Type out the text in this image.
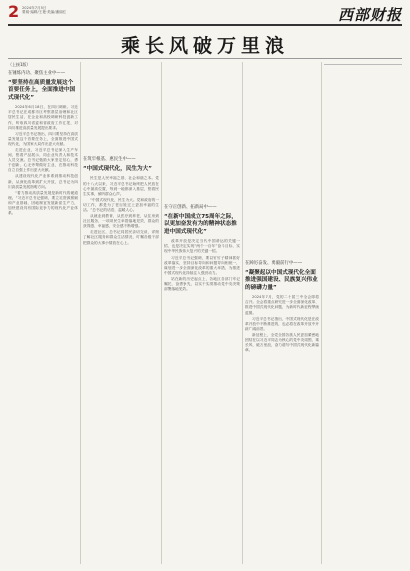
2 2024年7月5日
要闻·编辑/王艳·美编/潘丽红	西部财报
乘长风破万里浪
（上接1版）
在锤炼内功、聚焦主业中——
“要坚持在高质量发展这个首要任务上，全面推进中国式现代化”

2024年6月18日，在四川调研。习近平总书记在成都市区考察基层治理和社区居民生活，在企业和高校调研科技创新工作，听取四川省委和省政府工作汇报，对四川推进高质量发展提出要求。

习近平总书记指出，四川要坚持在高质量发展这个首要任务上，全面推进中国式现代化，为国家大局作出更大贡献。

走进企业，习近平总书记深入生产车间，察看产品展示，同企业负责人和技术人员交流。总书记勉励大家坚定信心，勇于创新，心无旁骛做好主业，在推动科技自立自强上作出更大贡献。

从建设现代化产业体系到推动科技创新，从深化改革到扩大开放，总书记为四川高质量发展指明方向。

“着力推动高质量发展是新时代的硬道理。”习近平总书记强调，要立足资源禀赋和产业基础，因地制宜发展新质生产力，加快建设具有国际竞争力的现代化产业体系。

在筑牢根基、惠民生中——
“中国式现代化，民生为大”

民生是人民幸福之基、社会和谐之本。党的十八大以来，习近平总书记始终把人民放在心中最高位置，每到一地都深入基层，察看民生实事，倾听群众心声。

“中国式现代化，民生为大。党和政府的一切工作，都是为了老百姓过上更加幸福的生活。”总书记的话语，温暖人心。

从就业到教育，从医疗到养老，从住房到社区服务，一项项民生举措落地见效，群众的获得感、幸福感、安全感不断增强。

走进社区，总书记同居民亲切交谈，详细了解社区服务和群众生活情况，叮嘱各级干部把群众的大事小情放在心上。

在守正创新、拓新局中——
“在新中国成立75周年之际，以更加奋发有为的精神状态推进中国式现代化”

改革开放是决定当代中国命运的关键一招，也是决定实现“两个一百年”奋斗目标、实现中华民族伟大复兴的关键一招。

习近平总书记强调，要以钉钉子精神抓好改革落实，坚持目标导向和问题导向相统一，谋划进一步全面深化改革的重大举措，为推进中国式现代化持续注入强劲动力。

站在新的历史起点上，各地区各部门牢记嘱托、奋勇争先，以实干实绩推动党中央决策部署落地见效。

在踔厉奋发、勇毅前行中——
“凝聚起以中国式现代化全面推进强国建设、民族复兴伟业的磅礴力量”

2024年7月，党的二十届三中全会即将召开。全会将重点研究进一步全面深化改革、推进中国式现代化问题，为新时代新征程擘画蓝图。

习近平总书记指出，中国式现代化是在改革开放中不断推进的，也必将在改革开放中开辟广阔前景。

新征程上，全党全国各族人民更加紧密地团结在以习近平同志为核心的党中央周围，乘长风、破万里浪，奋力谱写中国式现代化新篇章。
